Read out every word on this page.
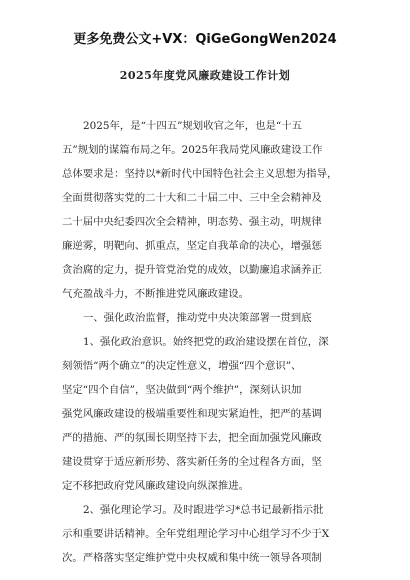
更多免费公文+VX：QiGeGongWen2024
2025年度党风廉政建设工作计划
2025年，是“十四五”规划收官之年，也是“十五
五”规划的谋篇布局之年。2025年我局党风廉政建设工作
总体要求是：坚持以*新时代中国特色社会主义思想为指导，
全面贯彻落实党的二十大和二十届二中、三中全会精神及
二十届中央纪委四次全会精神，明态势、强主动，明规律
廉逆雾，明靶向、抓重点，坚定自我革命的决心，增强惩
贪治腐的定力，提升管党治党的成效，以勤廉追求涵养正
气充盈战斗力，不断推进党风廉政建设。
一、强化政治监督，推动党中央决策部署一贯到底
1、强化政治意识。始终把党的政治建设摆在首位，深
刻领悟“两个确立”的决定性意义，增强“四个意识”、
坚定“四个自信”，坚决做到“两个维护”，深刻认识加
强党风廉政建设的极端重要性和现实紧迫性，把严的基调
严的措施、严的氛围长期坚持下去，把全面加强党风廉政
建设贯穿于适应新形势、落实新任务的全过程各方面，坚
定不移把政府党风廉政建设向纵深推进。
2、强化理论学习。及时跟进学习*总书记最新指示批
示和重要讲话精神。全年党组理论学习中心组学习不少于X
次。严格落实坚定维护党中央权威和集中统一领导各项制
